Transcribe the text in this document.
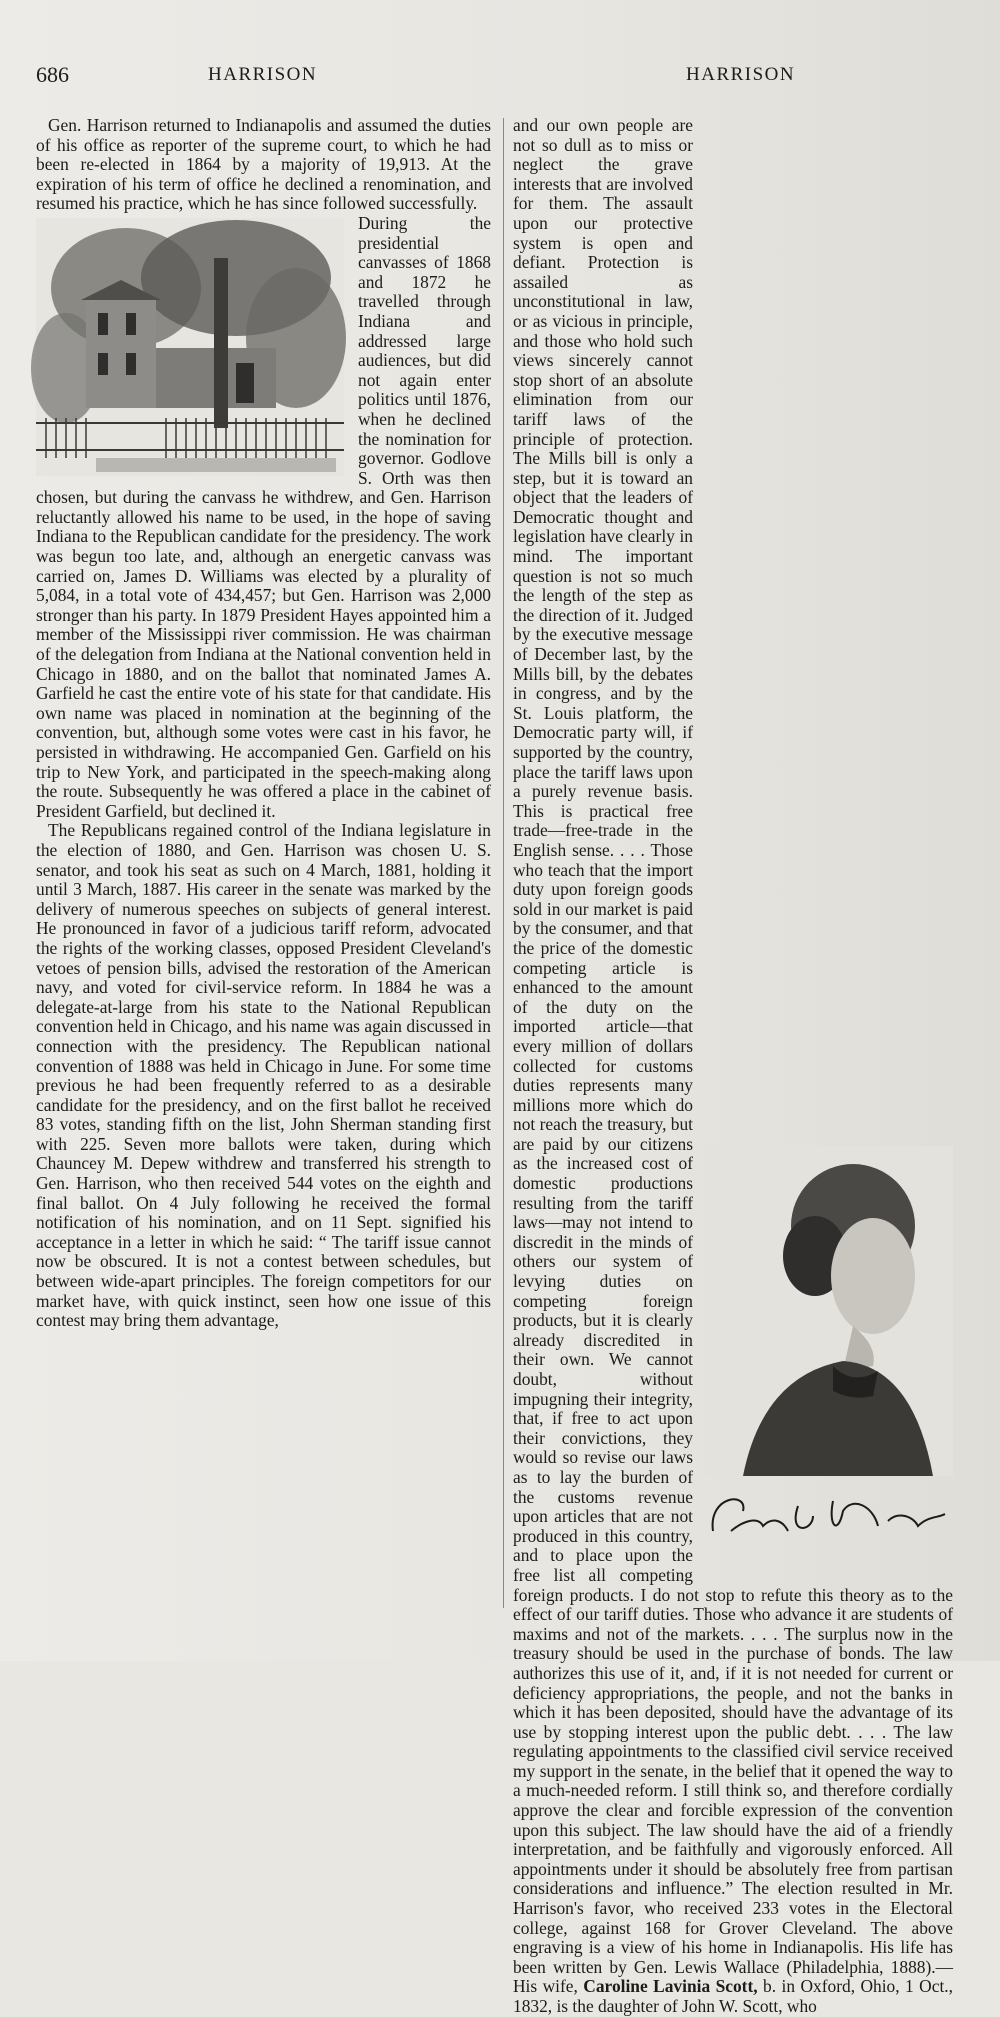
686	HARRISON	HARRISON

Gen. Harrison returned to Indianapolis and assumed the duties of his office as reporter of the supreme court, to which he had been re-elected in 1864 by a majority of 19,913. At the expiration of his term of office he declined a renomination, and resumed his practice, which he has since followed successfully.

During the presidential canvasses of 1868 and 1872 he travelled through Indiana and addressed large audiences, but did not again enter politics until 1876, when he declined the nomination for governor. Godlove S. Orth was then chosen, but during the canvass he withdrew, and Gen. Harrison reluctantly allowed his name to be used, in the hope of saving Indiana to the Republican candidate for the presidency. The work was begun too late, and, although an energetic canvass was carried on, James D. Williams was elected by a plurality of 5,084, in a total vote of 434,457; but Gen. Harrison was 2,000 stronger than his party. In 1879 President Hayes appointed him a member of the Mississippi river commission. He was chairman of the delegation from Indiana at the National convention held in Chicago in 1880, and on the ballot that nominated James A. Garfield he cast the entire vote of his state for that candidate. His own name was placed in nomination at the beginning of the convention, but, although some votes were cast in his favor, he persisted in withdrawing. He accompanied Gen. Garfield on his trip to New York, and participated in the speech-making along the route. Subsequently he was offered a place in the cabinet of President Garfield, but declined it.

The Republicans regained control of the Indiana legislature in the election of 1880, and Gen. Harrison was chosen U. S. senator, and took his seat as such on 4 March, 1881, holding it until 3 March, 1887. His career in the senate was marked by the delivery of numerous speeches on subjects of general interest. He pronounced in favor of a judicious tariff reform, advocated the rights of the working classes, opposed President Cleveland's vetoes of pension bills, advised the restoration of the American navy, and voted for civil-service reform. In 1884 he was a delegate-at-large from his state to the National Republican convention held in Chicago, and his name was again discussed in connection with the presidency. The Republican national convention of 1888 was held in Chicago in June. For some time previous he had been frequently referred to as a desirable candidate for the presidency, and on the first ballot he received 83 votes, standing fifth on the list, John Sherman standing first with 225. Seven more ballots were taken, during which Chauncey M. Depew withdrew and transferred his strength to Gen. Harrison, who then received 544 votes on the eighth and final ballot. On 4 July following he received the formal notification of his nomination, and on 11 Sept. signified his acceptance in a letter in which he said: “ The tariff issue cannot now be obscured. It is not a contest between schedules, but between wide-apart principles. The foreign competitors for our market have, with quick instinct, seen how one issue of this contest may bring them advantage,

and our own people are not so dull as to miss or neglect the grave interests that are involved for them. The assault upon our protective system is open and defiant. Protection is assailed as unconstitutional in law, or as vicious in principle, and those who hold such views sincerely cannot stop short of an absolute elimination from our tariff laws of the principle of protection. The Mills bill is only a step, but it is toward an object that the leaders of Democratic thought and legislation have clearly in mind. The important question is not so much the length of the step as the direction of it. Judged by the executive message of December last, by the Mills bill, by the debates in congress, and by the St. Louis platform, the Democratic party will, if supported by the country, place the tariff laws upon a purely revenue basis. This is practical free trade—free-trade in the English sense. . . . Those who teach that the import duty upon foreign goods sold in our market is paid by the consumer, and that the price of the domestic competing article is enhanced to the amount of the duty on the imported article—that every million of dollars collected for customs duties represents many millions more which do not reach the treasury, but are paid by our citizens as the increased cost of domestic productions resulting from the tariff laws—may not intend to discredit in the minds of others our system of levying duties on competing foreign products, but it is clearly already discredited in their own. We cannot doubt, without impugning their integrity, that, if free to act upon their convictions, they would so revise our laws as to lay the burden of the customs revenue upon articles that are not produced in this country, and to place upon the free list all competing foreign products. I do not stop to refute this theory as to the effect of our tariff duties. Those who advance it are students of maxims and not of the markets. . . . The surplus now in the treasury should be used in the purchase of bonds. The law authorizes this use of it, and, if it is not needed for current or deficiency appropriations, the people, and not the banks in which it has been deposited, should have the advantage of its use by stopping interest upon the public debt. . . . The law regulating appointments to the classified civil service received my support in the senate, in the belief that it opened the way to a much-needed reform. I still think so, and therefore cordially approve the clear and forcible expression of the convention upon this subject. The law should have the aid of a friendly interpretation, and be faithfully and vigorously enforced. All appointments under it should be absolutely free from partisan considerations and influence.” The election resulted in Mr. Harrison's favor, who received 233 votes in the Electoral college, against 168 for Grover Cleveland. The above engraving is a view of his home in Indianapolis. His life has been written by Gen. Lewis Wallace (Philadelphia, 1888).—His wife, Caroline Lavinia Scott, b. in Oxford, Ohio, 1 Oct., 1832, is the daughter of John W. Scott, who
